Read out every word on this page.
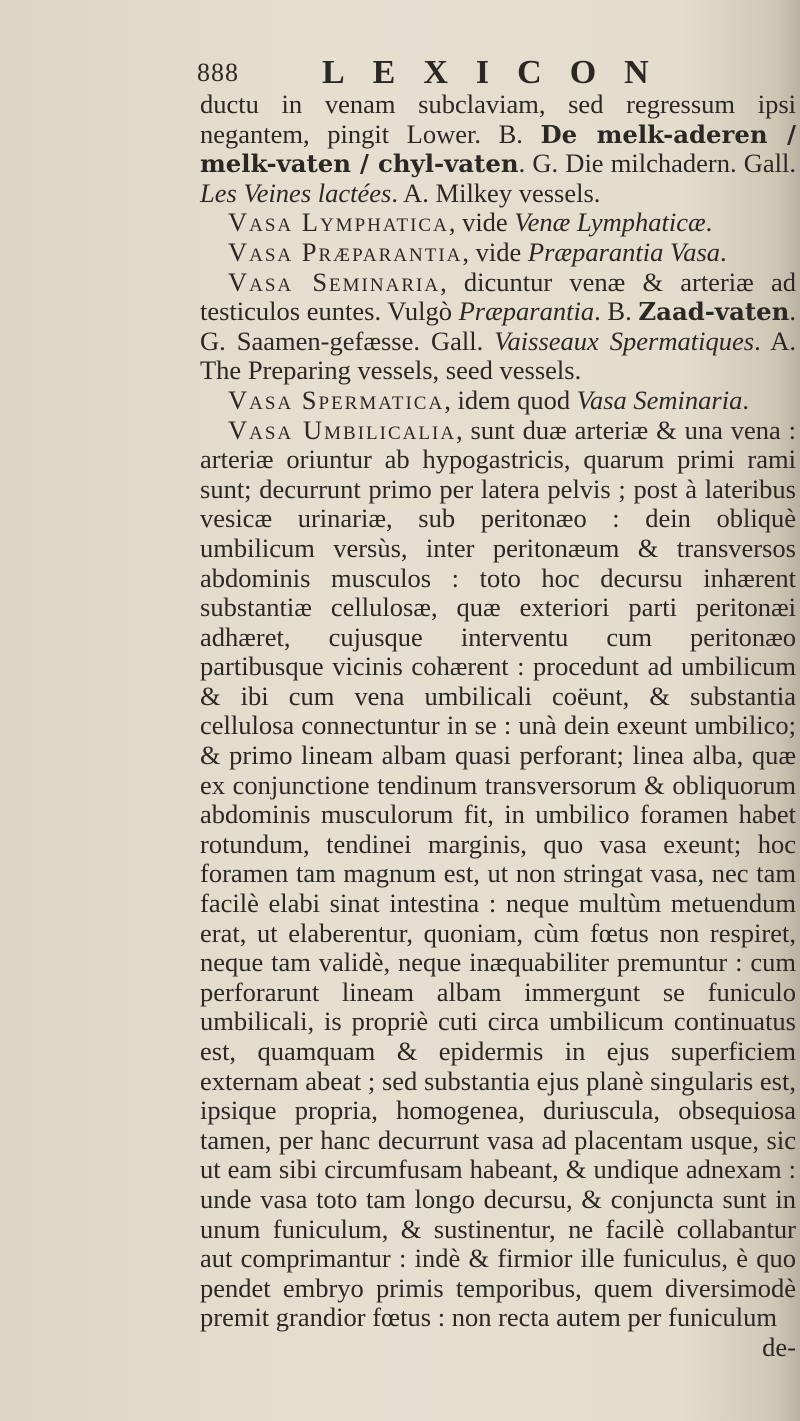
888 LEXICON

ductu in venam subclaviam, sed regressum ipsi negantem, pingit Lower. B. De melk-aderen / melk-vaten / chyl-vaten. G. Die milchadern. Gall. Les Veines lactées. A. Milkey vessels.

Vasa Lymphatica, vide Venæ Lymphaticæ.

Vasa Præparantia, vide Præparantia Vasa.

Vasa Seminaria, dicuntur venæ & arteriæ ad testiculos euntes. Vulgò Præparantia. B. Zaad-vaten. G. Saamen-gefæsse. Gall. Vaisseaux Spermatiques. A. The Preparing vessels, seed vessels.

Vasa Spermatica, idem quod Vasa Seminaria.

Vasa Umbilicalia, sunt duæ arteriæ & una vena : arteriæ oriuntur ab hypogastricis, quarum primi rami sunt; decurrunt primo per latera pelvis ; post à lateribus vesicæ urinariæ, sub peritonæo : dein obliquè umbilicum versùs, inter peritonæum & transversos abdominis musculos : toto hoc decursu inhærent substantiæ cellulosæ, quæ exteriori parti peritonæi adhæret, cujusque interventu cum peritonæo partibusque vicinis cohærent : procedunt ad umbilicum & ibi cum vena umbilicali coëunt, & substantia cellulosa connectuntur in se : unà dein exeunt umbilico; & primo lineam albam quasi perforant; linea alba, quæ ex conjunctione tendinum transversorum & obliquorum abdominis musculorum fit, in umbilico foramen habet rotundum, tendinei marginis, quo vasa exeunt; hoc foramen tam magnum est, ut non stringat vasa, nec tam facilè elabi sinat intestina : neque multùm metuendum erat, ut elaberentur, quoniam, cùm fœtus non respiret, neque tam validè, neque inæquabiliter premuntur : cum perforarunt lineam albam immergunt se funiculo umbilicali, is propriè cuti circa umbilicum continuatus est, quamquam & epidermis in ejus superficiem externam abeat ; sed substantia ejus planè singularis est, ipsique propria, homogenea, duriuscula, obsequiosa tamen, per hanc decurrunt vasa ad placentam usque, sic ut eam sibi circumfusam habeant, & undique adnexam : unde vasa toto tam longo decursu, & conjuncta sunt in unum funiculum, & sustinentur, ne facilè collabantur aut comprimantur : indè & firmior ille funiculus, è quo pendet embryo primis temporibus, quem diversimodè premit grandior fœtus : non recta autem per funiculum

de-
